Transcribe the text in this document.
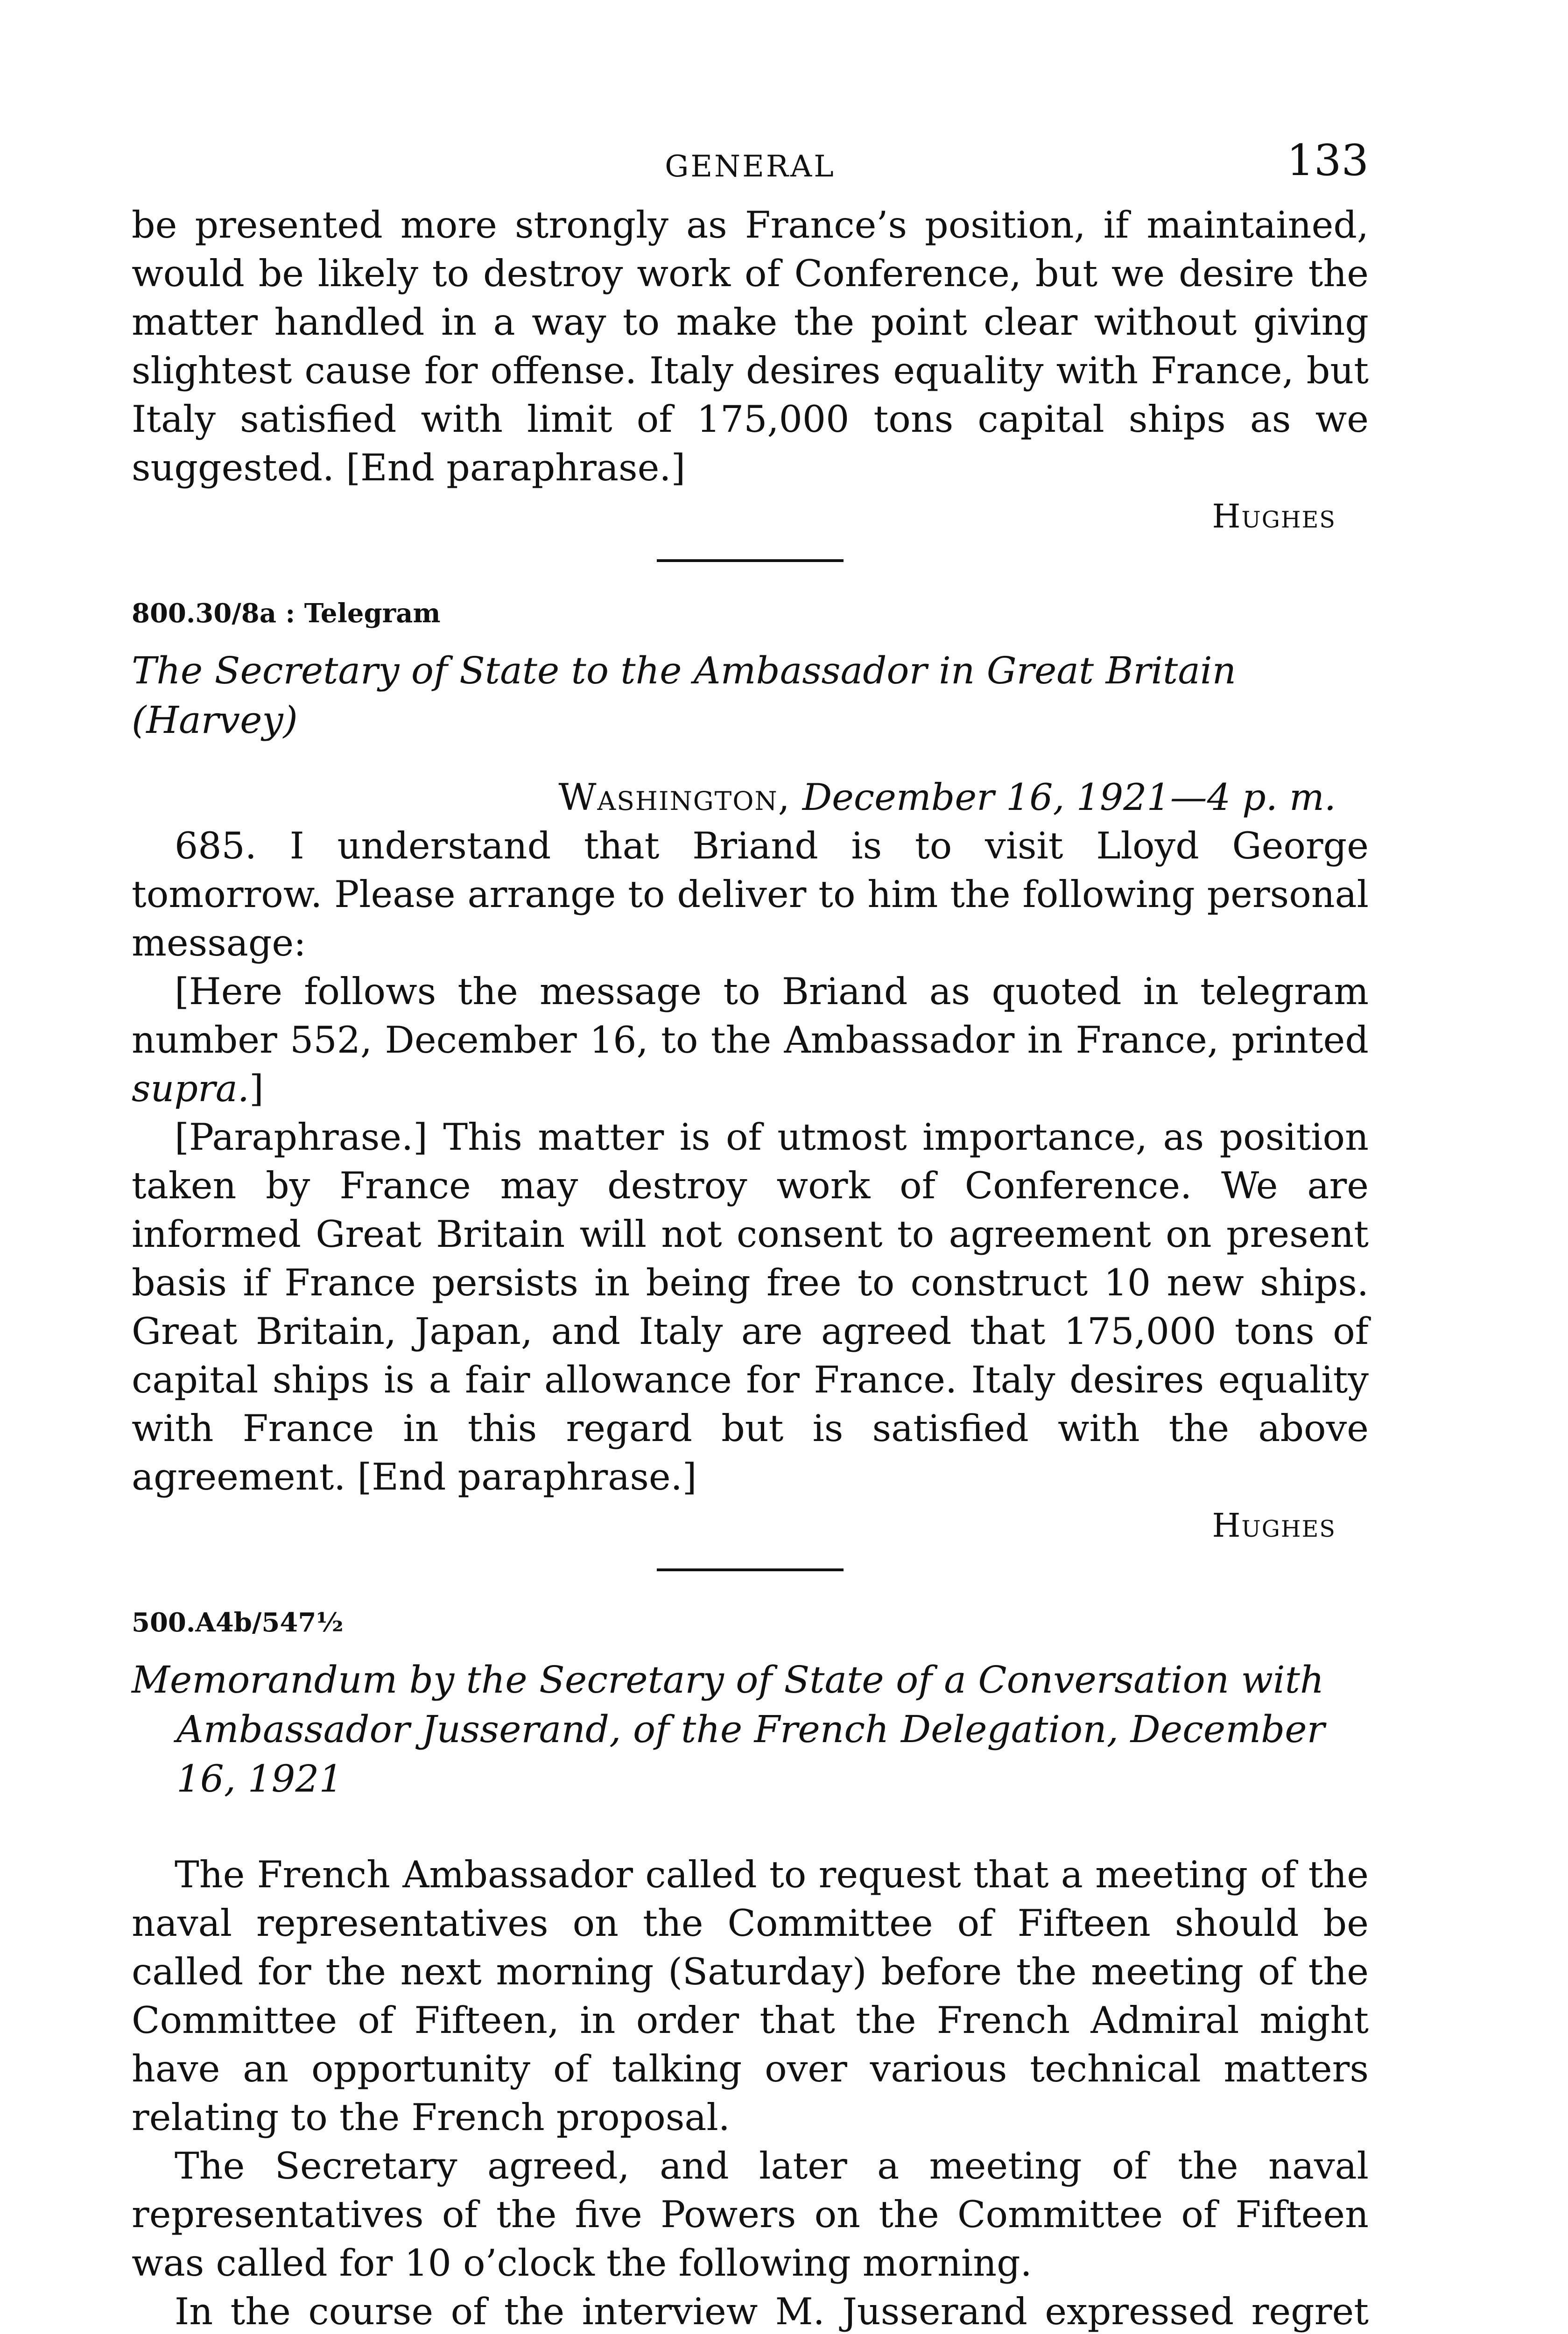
GENERAL	133

be presented more strongly as France’s position, if maintained, would be likely to destroy work of Conference, but we desire the matter handled in a way to make the point clear without giving slightest cause for offense. Italy desires equality with France, but Italy satisfied with limit of 175,000 tons capital ships as we suggested. [End paraphrase.]

Hughes
800.30/8a : Telegram
The Secretary of State to the Ambassador in Great Britain (Harvey)
Washington, December 16, 1921—4 p. m.

685. I understand that Briand is to visit Lloyd George tomorrow. Please arrange to deliver to him the following personal message:

[Here follows the message to Briand as quoted in telegram number 552, December 16, to the Ambassador in France, printed supra.]

[Paraphrase.] This matter is of utmost importance, as position taken by France may destroy work of Conference. We are informed Great Britain will not consent to agreement on present basis if France persists in being free to construct 10 new ships. Great Britain, Japan, and Italy are agreed that 175,000 tons of capital ships is a fair allowance for France. Italy desires equality with France in this regard but is satisfied with the above agreement. [End paraphrase.]

Hughes
500.A4b/547½
Memorandum by the Secretary of State of a Conversation with Ambassador Jusserand, of the French Delegation, December 16, 1921

The French Ambassador called to request that a meeting of the naval representatives on the Committee of Fifteen should be called for the next morning (Saturday) before the meeting of the Committee of Fifteen, in order that the French Admiral might have an opportunity of talking over various technical matters relating to the French proposal.

The Secretary agreed, and later a meeting of the naval representatives of the five Powers on the Committee of Fifteen was called for 10 o’clock the following morning.

In the course of the interview M. Jusserand expressed regret
